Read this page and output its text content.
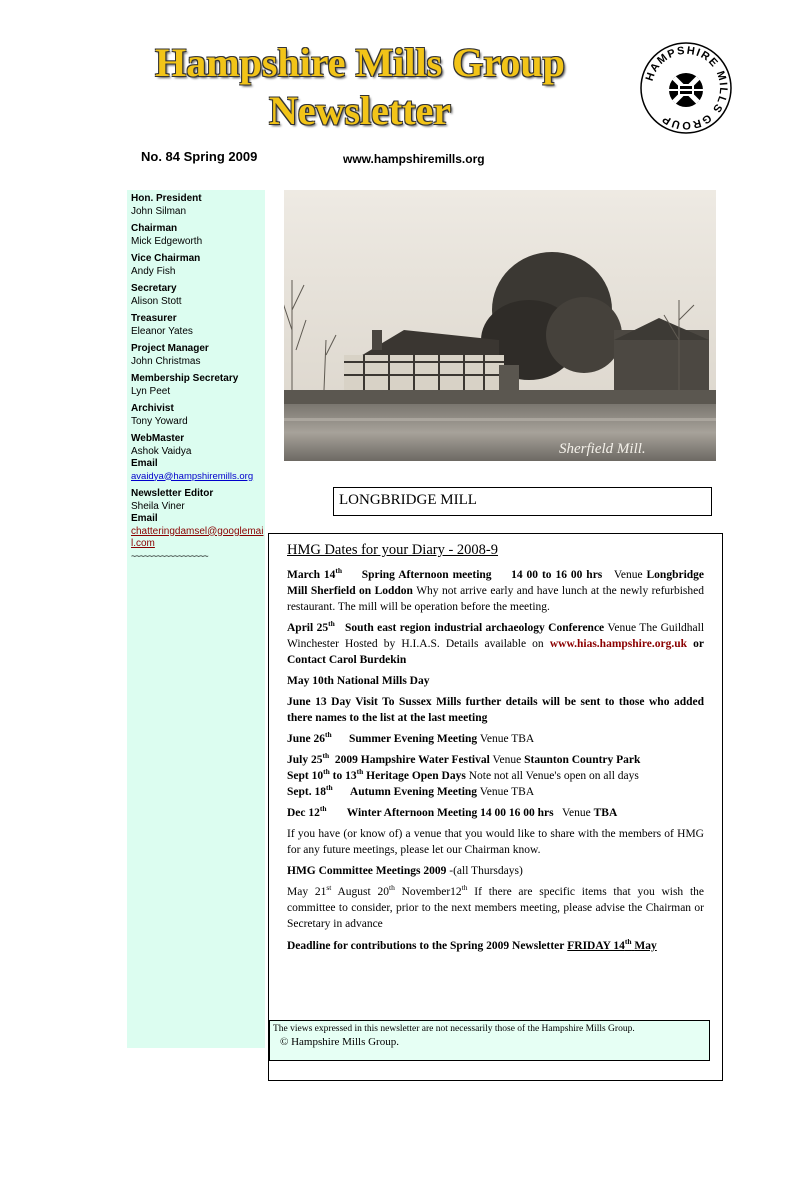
Hampshire Mills Group
Newsletter
HAMPSHIRE MILLS GROUP
No. 84 Spring 2009	www.hampshiremills.org
Hon. President
John Silman
Chairman
Mick Edgeworth
Vice Chairman
Andy Fish
Secretary
Alison Stott
Treasurer
Eleanor Yates
Project Manager
John Christmas
Membership Secretary
Lyn Peet
Archivist
Tony Yoward
WebMaster
Ashok Vaidya
Email
avaidya@hampshiremills.org
Newsletter Editor
Sheila Viner
Email
chatteringdamsel@googlemail.com
~~~~~~~~~~~~~~~~~~
Sherfield Mill.
LONGBRIDGE MILL

HMG Dates for your Diary - 2008-9

March 14th Spring Afternoon meeting 14 00 to 16 00 hrs Venue Longbridge Mill Sherfield on Loddon Why not arrive early and have lunch at the newly refurbished restaurant. The mill will be operation before the meeting.

April 25th South east region industrial archaeology Conference Venue The Guildhall Winchester Hosted by H.I.A.S. Details available on www.hias.hampshire.org.uk or Contact Carol Burdekin

May 10th National Mills Day

June 13 Day Visit To Sussex Mills further details will be sent to those who added there names to the list at the last meeting

June 26th Summer Evening Meeting Venue TBA

July 25th 2009 Hampshire Water Festival Venue Staunton Country Park
Sept 10th to 13th Heritage Open Days Note not all Venue's open on all days
Sept. 18th Autumn Evening Meeting Venue TBA

Dec 12th Winter Afternoon Meeting 14 00 16 00 hrs Venue TBA

If you have (or know of) a venue that you would like to share with the members of HMG for any future meetings, please let our Chairman know.

HMG Committee Meetings 2009 -(all Thursdays)

May 21st August 20th November12th If there are specific items that you wish the committee to consider, prior to the next members meeting, please advise the Chairman or Secretary in advance

Deadline for contributions to the Spring 2009 Newsletter FRIDAY 14th May

The views expressed in this newsletter are not necessarily those of the Hampshire Mills Group.
© Hampshire Mills Group.
